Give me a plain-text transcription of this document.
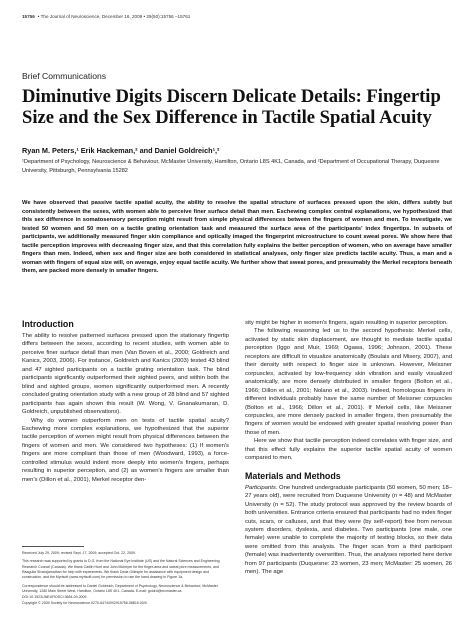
15756 • The Journal of Neuroscience, December 16, 2009 • 29(50):15756 –15761
Brief Communications
Diminutive Digits Discern Delicate Details: Fingertip Size and the Sex Difference in Tactile Spatial Acuity
Ryan M. Peters,¹ Erik Hackeman,² and Daniel Goldreich¹,²
¹Department of Psychology, Neuroscience & Behaviour, McMaster University, Hamilton, Ontario L8S 4K1, Canada, and ²Department of Occupational Therapy, Duquesne University, Pittsburgh, Pennsylvania 15282

We have observed that passive tactile spatial acuity, the ability to resolve the spatial structure of surfaces pressed upon the skin, differs subtly but consistently between the sexes, with women able to perceive finer surface detail than men. Eschewing complex central explanations, we hypothesized that this sex difference in somatosensory perception might result from simple physical differences between the fingers of women and men. To investigate, we tested 50 women and 50 men on a tactile grating orientation task and measured the surface area of the participants' index fingertips. In subsets of participants, we additionally measured finger skin compliance and optically imaged the fingerprint microstructure to count sweat pores. We show here that tactile perception improves with decreasing finger size, and that this correlation fully explains the better perception of women, who on average have smaller fingers than men. Indeed, when sex and finger size are both considered in statistical analyses, only finger size predicts tactile acuity. Thus, a man and a woman with fingers of equal size will, on average, enjoy equal tactile acuity. We further show that sweat pores, and presumably the Merkel receptors beneath them, are packed more densely in smaller fingers.

Introduction

The ability to resolve patterned surfaces pressed upon the stationary fingertip differs between the sexes, according to recent studies, with women able to perceive finer surface detail than men (Van Boven et al., 2000; Goldreich and Kanics, 2003, 2006). For instance, Goldreich and Kanics (2003) tested 43 blind and 47 sighted participants on a tactile grating orientation task. The blind participants significantly outperformed their sighted peers, and within both the blind and sighted groups, women significantly outperformed men. A recently concluded grating orientation study with a new group of 28 blind and 57 sighted participants has again shown this result (W. Wong, V. Gnanakumaran, D. Goldreich, unpublished observations).

Why do women outperform men on tests of tactile spatial acuity? Eschewing more complex explanations, we hypothesized that the superior tactile perception of women might result from physical differences between the fingers of women and men. We considered two hypotheses: (1) If women's fingers are more compliant than those of men (Woodward, 1993), a force-controlled stimulus would indent more deeply into women's fingers, perhaps resulting in superior perception, and (2) as women's fingers are smaller than men's (Dillon et al., 2001), Merkel receptor den-

sity might be higher in women's fingers, again resulting in superior perception.

The following reasoning led us to the second hypothesis: Merkel cells, activated by static skin displacement, are thought to mediate tactile spatial perception (Iggo and Muir, 1969; Ogawa, 1996; Johnson, 2001). These receptors are difficult to visualize anatomically (Boulais and Misery, 2007), and their density with respect to finger size is unknown. However, Meissner corpuscles, activated by low-frequency skin vibration and easily visualized anatomically, are more densely distributed in smaller fingers (Bolton et al., 1966; Dillon et al., 2001; Nolano et al., 2003). Indeed, homologous fingers in different individuals probably have the same number of Meissner corpuscles (Bolton et al., 1966; Dillon et al., 2001). If Merkel cells, like Meissner corpuscles, are more densely packed in smaller fingers, then presumably the fingers of women would be endowed with greater spatial resolving power than those of men.

Here we show that tactile perception indeed correlates with finger size, and that this effect fully explains the superior tactile spatial acuity of women compared to men.

Materials and Methods

Participants. One hundred undergraduate participants (50 women, 50 men; 18–27 years old), were recruited from Duquesne University (n = 48) and McMaster University (n = 52). The study protocol was approved by the review boards of both universities. Entrance criteria ensured that participants had no index finger cuts, scars, or calluses, and that they were (by self-report) free from nervous system disorders, dyslexia, and diabetes. Two participants (one male, one female) were unable to complete the majority of testing blocks, so their data were omitted from this analysis. The finger scan from a third participant (female) was inadvertently overwritten. Thus, the analyses reported here derive from 97 participants (Duquesne: 23 women, 23 men; McMaster: 25 women, 26 men). The age

Received July 29, 2009; revised Sept. 17, 2009; accepted Oct. 22, 2009.

This research was supported by grants to D.G. from the National Eye Institute (US) and the Natural Sciences and Engineering Research Council (Canada). We thank Caitlin Hunt and John McIntyre for the finger-area and sweat pore measurements, and Raagulia Sivarajamathan for help with experiments. We thank Deda Gillespie for assistance with equipment design and construction, and the Myrisoft (www.myrisoft.com) for permission to use the hand drawing in Figure 1a.

Correspondence should be addressed to Daniel Goldreich, Department of Psychology, Neuroscience & Behaviour, McMaster University, 1280 Main Street West, Hamilton, Ontario L8S 4K1, Canada. E-mail: goldrd@mcmaster.ca.

DOI:10.1523/JNEUROSCI.3684-09.2009

Copyright © 2009 Society for Neuroscience 0270-6474/09/2915756-06$15.00/0
